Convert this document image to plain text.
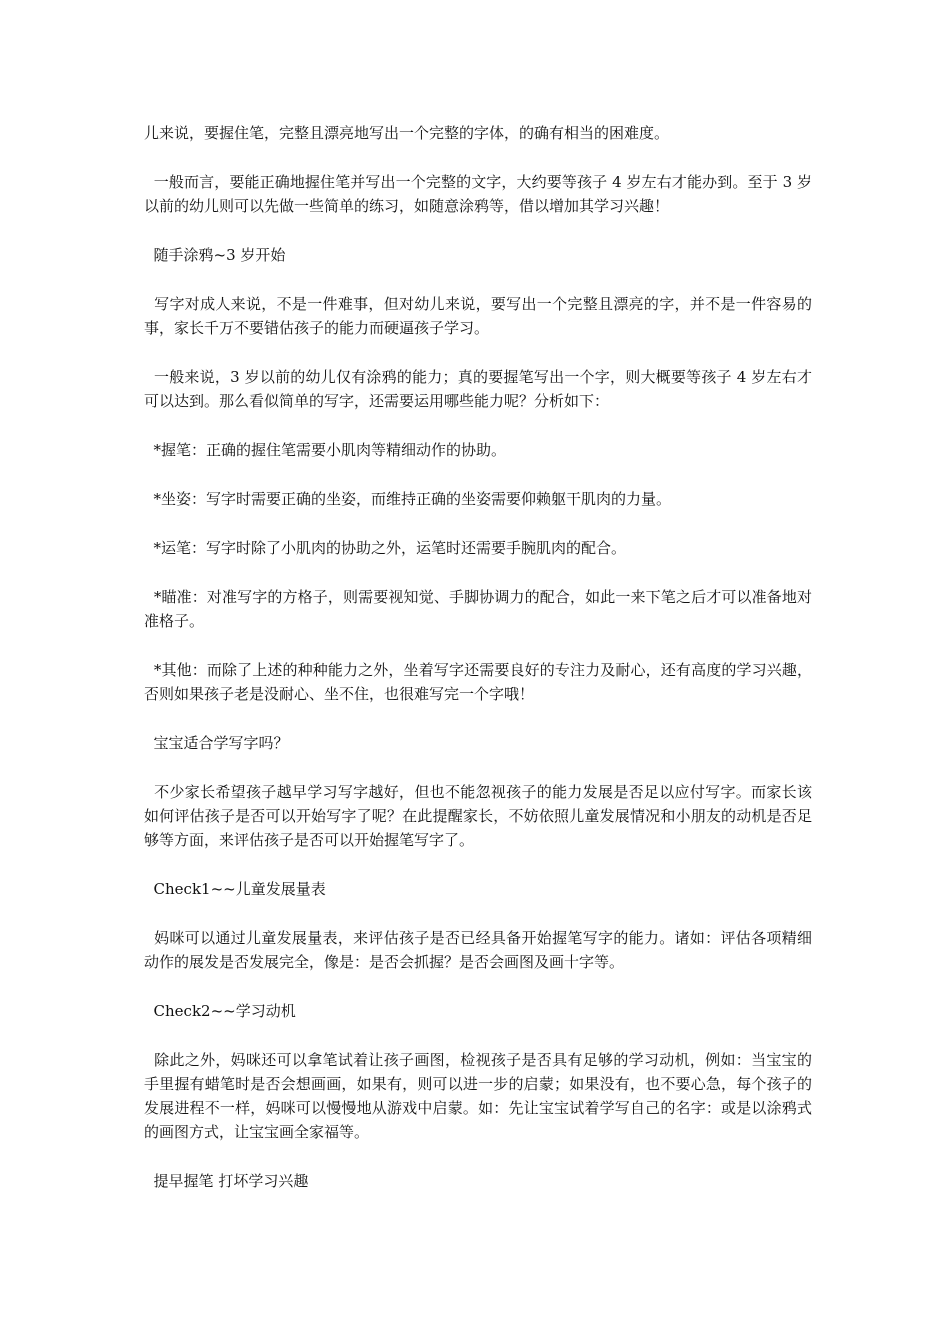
儿来说，要握住笔，完整且漂亮地写出一个完整的字体，的确有相当的困难度。

一般而言，要能正确地握住笔并写出一个完整的文字，大约要等孩子 4 岁左右才能办到。至于 3 岁以前的幼儿则可以先做一些简单的练习，如随意涂鸦等，借以增加其学习兴趣！

随手涂鸦~3 岁开始

写字对成人来说，不是一件难事，但对幼儿来说，要写出一个完整且漂亮的字，并不是一件容易的事，家长千万不要错估孩子的能力而硬逼孩子学习。

一般来说，3 岁以前的幼儿仅有涂鸦的能力；真的要握笔写出一个字，则大概要等孩子 4 岁左右才可以达到。那么看似简单的写字，还需要运用哪些能力呢？分析如下：

*握笔：正确的握住笔需要小肌肉等精细动作的协助。

*坐姿：写字时需要正确的坐姿，而维持正确的坐姿需要仰赖躯干肌肉的力量。

*运笔：写字时除了小肌肉的协助之外，运笔时还需要手腕肌肉的配合。

*瞄准：对准写字的方格子，则需要视知觉、手脚协调力的配合，如此一来下笔之后才可以准备地对准格子。

*其他：而除了上述的种种能力之外，坐着写字还需要良好的专注力及耐心，还有高度的学习兴趣，否则如果孩子老是没耐心、坐不住，也很难写完一个字哦！

宝宝适合学写字吗？

不少家长希望孩子越早学习写字越好，但也不能忽视孩子的能力发展是否足以应付写字。而家长该如何评估孩子是否可以开始写字了呢？在此提醒家长，不妨依照儿童发展情况和小朋友的动机是否足够等方面，来评估孩子是否可以开始握笔写字了。

Check1~~儿童发展量表

妈咪可以通过儿童发展量表，来评估孩子是否已经具备开始握笔写字的能力。诸如：评估各项精细动作的展发是否发展完全，像是：是否会抓握？是否会画图及画十字等。

Check2~~学习动机

除此之外，妈咪还可以拿笔试着让孩子画图，检视孩子是否具有足够的学习动机，例如：当宝宝的手里握有蜡笔时是否会想画画，如果有，则可以进一步的启蒙；如果没有，也不要心急，每个孩子的发展进程不一样，妈咪可以慢慢地从游戏中启蒙。如：先让宝宝试着学写自己的名字：或是以涂鸦式的画图方式，让宝宝画全家福等。

提早握笔 打坏学习兴趣
